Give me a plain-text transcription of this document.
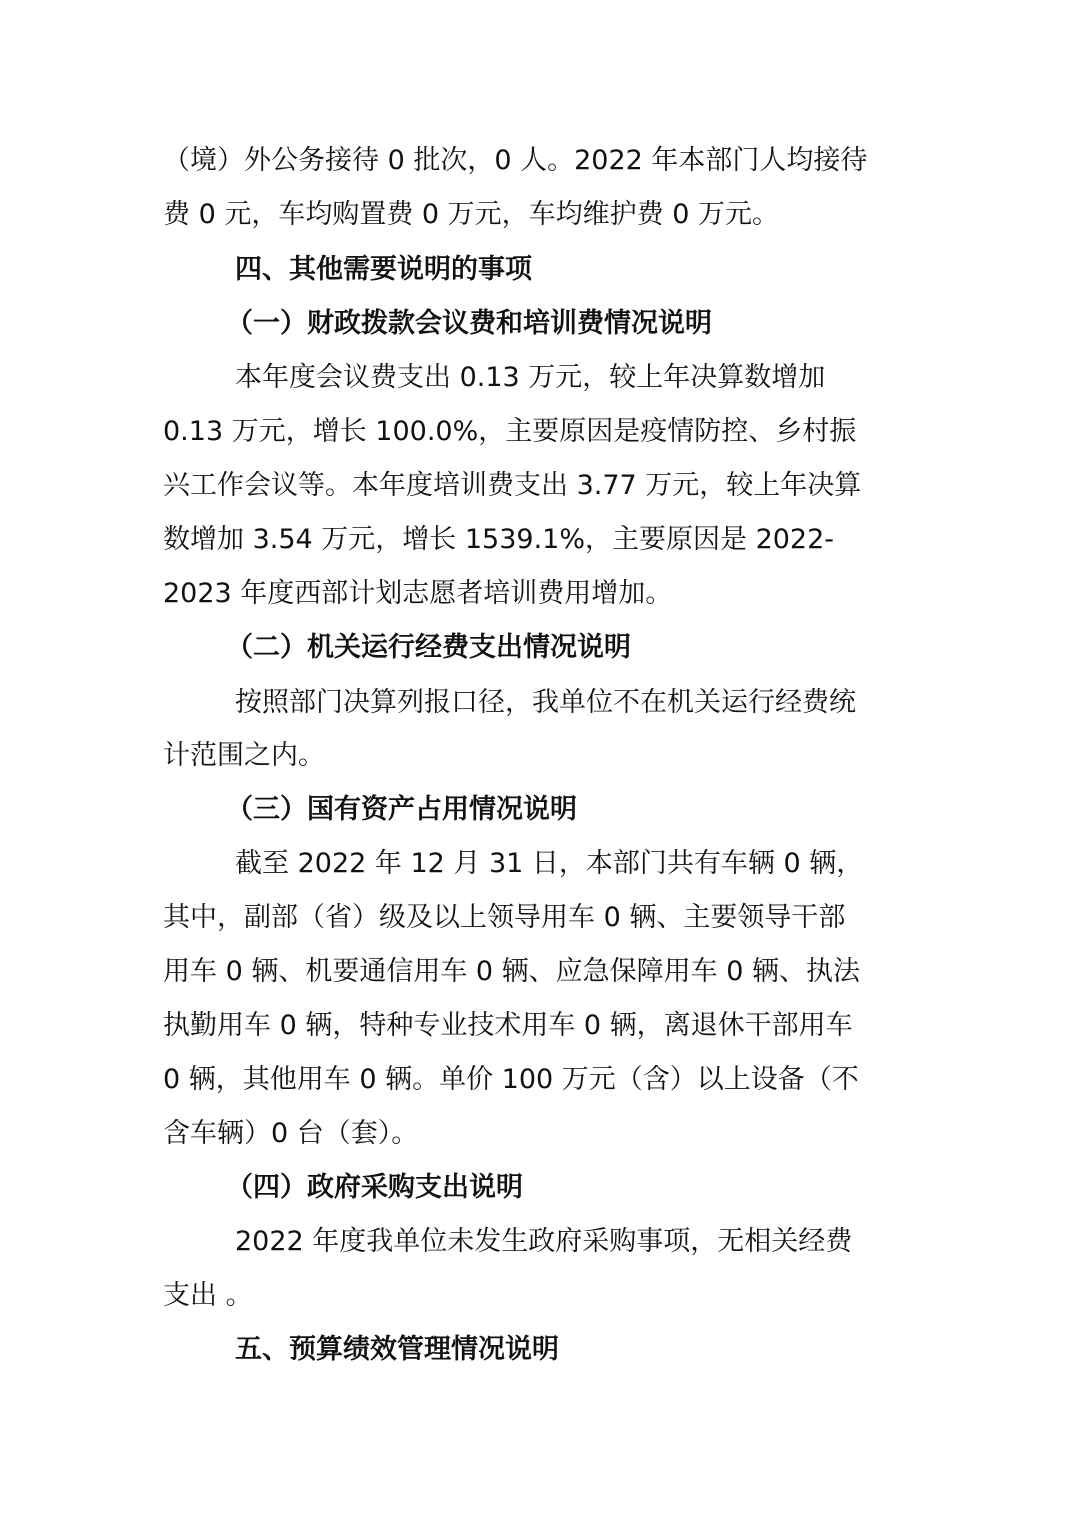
（境）外公务接待 0 批次，0 人。2022 年本部门人均接待
费 0 元，车均购置费 0 万元，车均维护费 0 万元。
四、其他需要说明的事项
（一）财政拨款会议费和培训费情况说明
本年度会议费支出 0.13 万元，较上年决算数增加
0.13 万元，增长 100.0%，主要原因是疫情防控、乡村振
兴工作会议等。本年度培训费支出 3.77 万元，较上年决算
数增加 3.54 万元，增长 1539.1%，主要原因是 2022-
2023 年度西部计划志愿者培训费用增加。
（二）机关运行经费支出情况说明
按照部门决算列报口径，我单位不在机关运行经费统
计范围之内。
（三）国有资产占用情况说明
截至 2022 年 12 月 31 日，本部门共有车辆 0 辆，
其中，副部（省）级及以上领导用车 0 辆、主要领导干部
用车 0 辆、机要通信用车 0 辆、应急保障用车 0 辆、执法
执勤用车 0 辆，特种专业技术用车 0 辆，离退休干部用车
0 辆，其他用车 0 辆。单价 100 万元（含）以上设备（不
含车辆）0 台（套）。
（四）政府采购支出说明
2022 年度我单位未发生政府采购事项，无相关经费
支出 。
五、预算绩效管理情况说明
